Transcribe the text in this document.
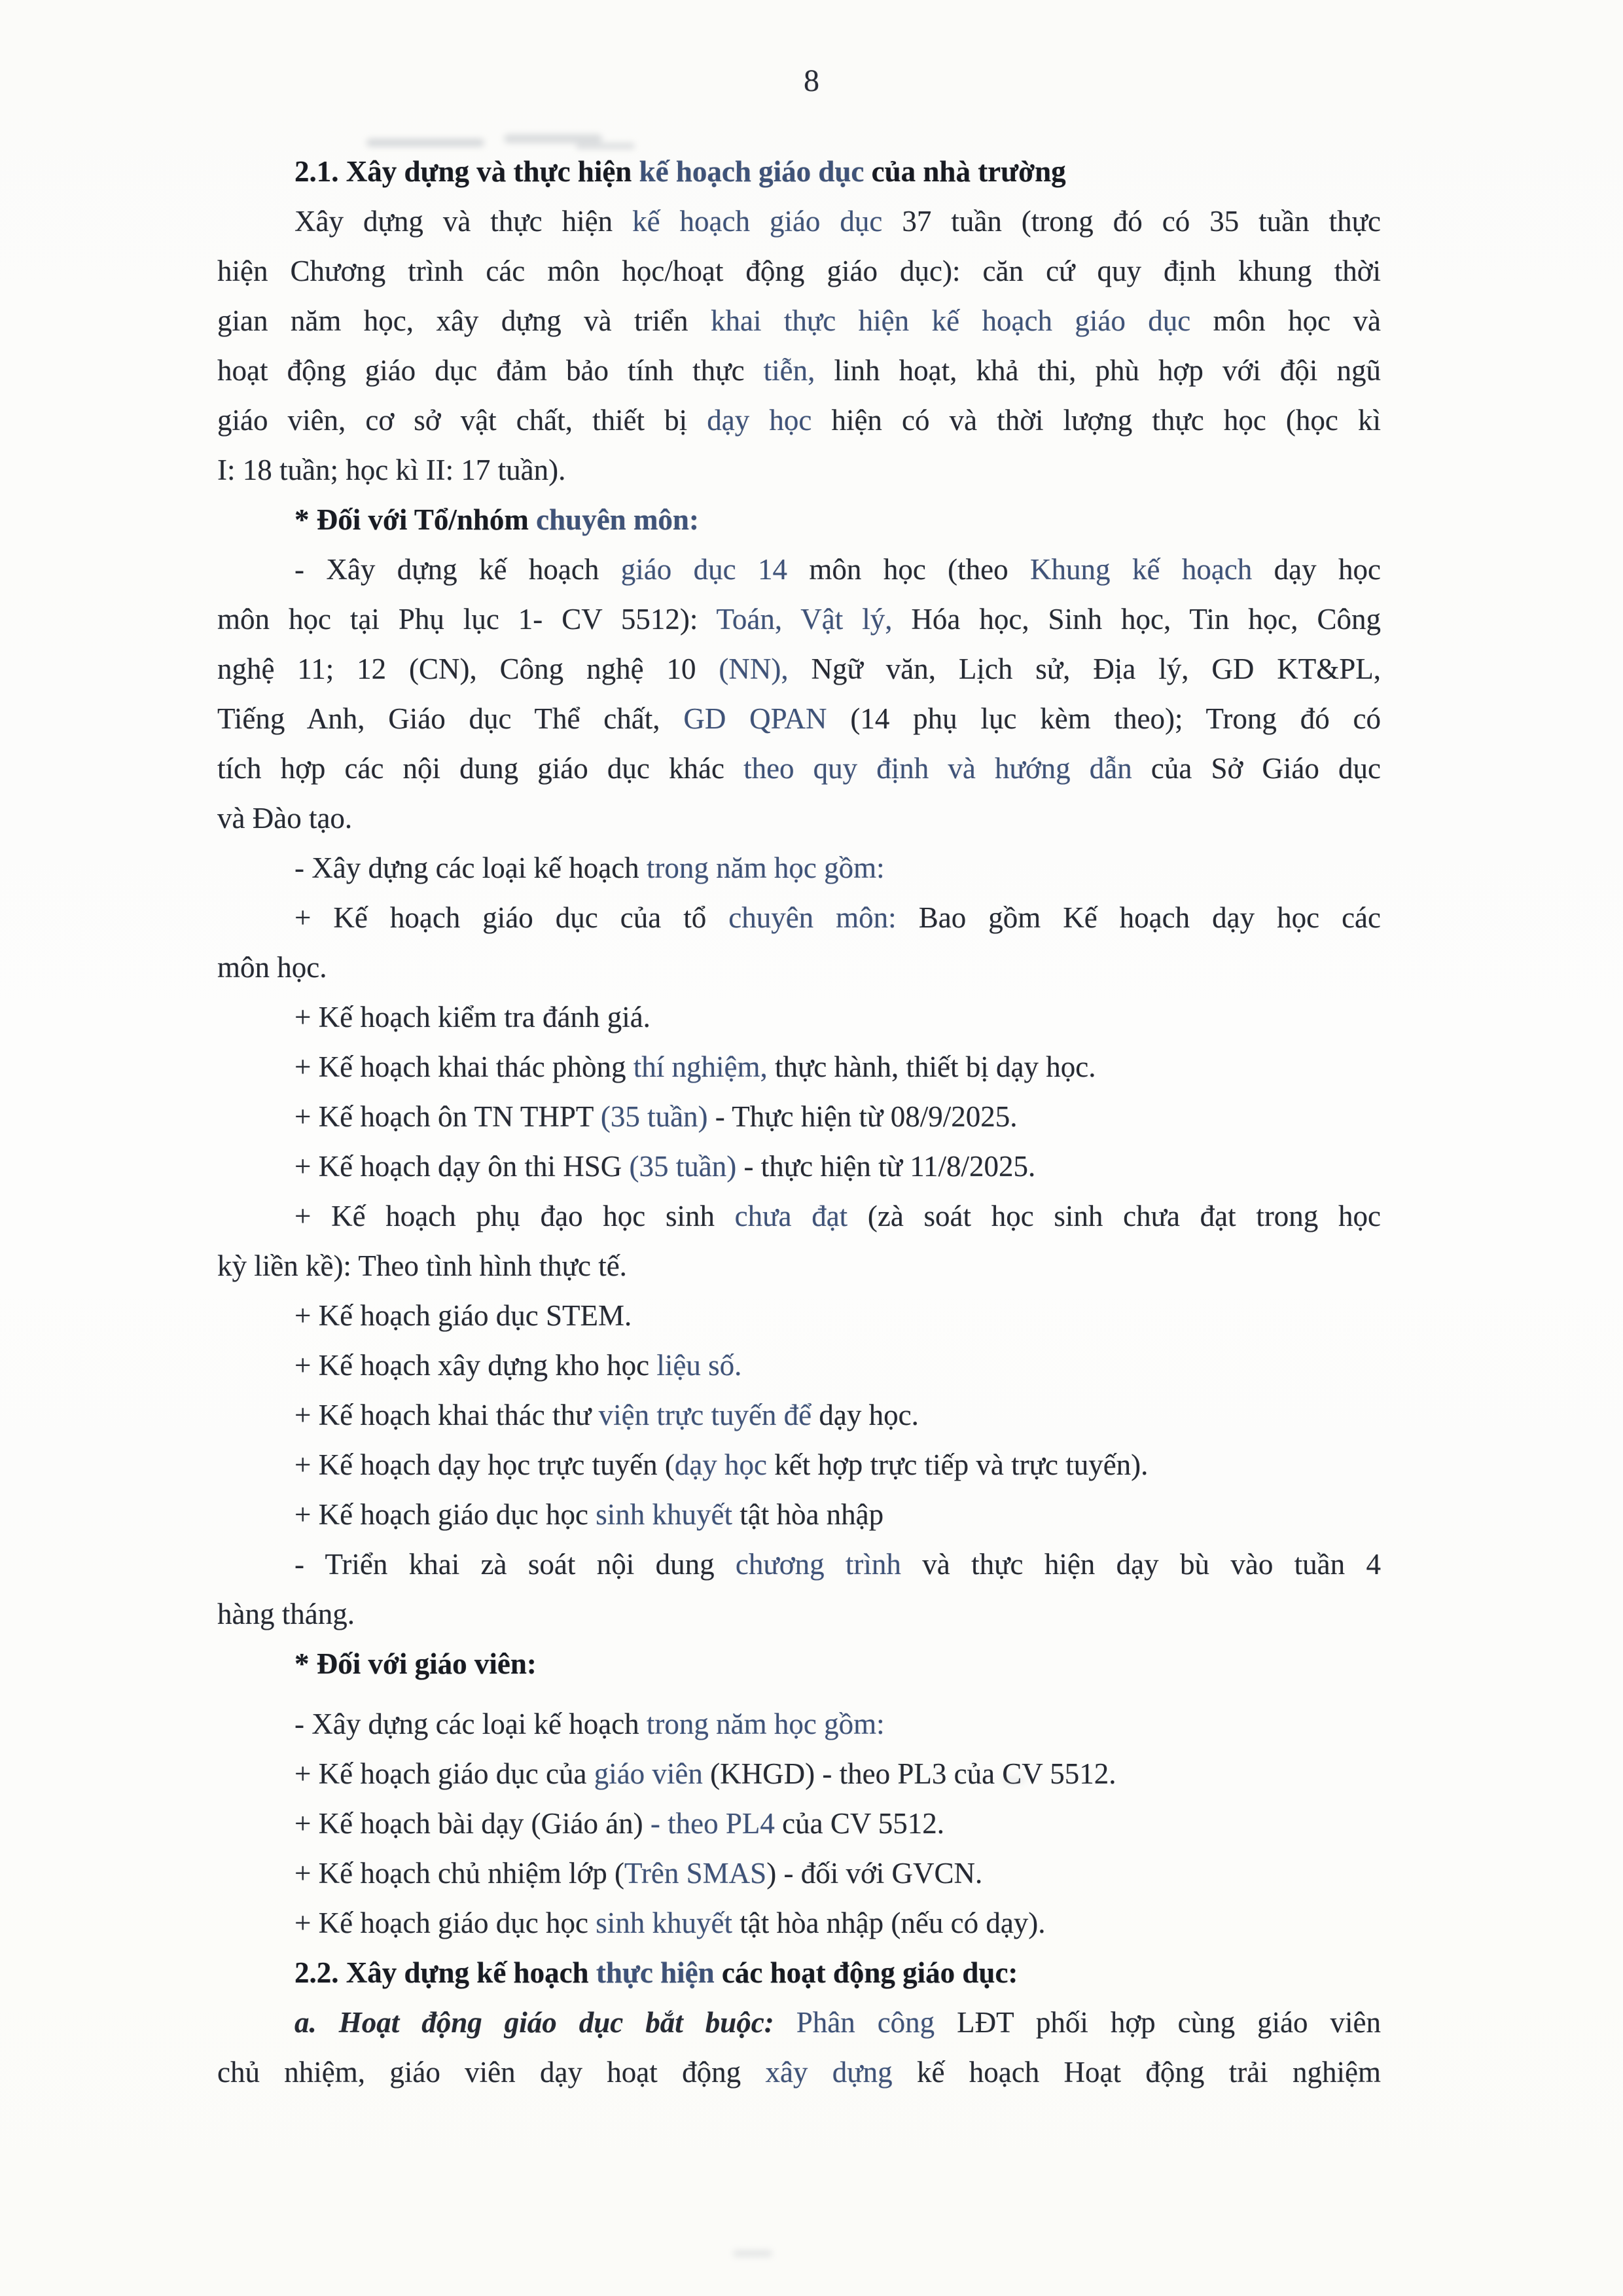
8
2.1. Xây dựng và thực hiện kế hoạch giáo dục của nhà trường
Xây dựng và thực hiện kế hoạch giáo dục 37 tuần (trong đó có 35 tuần thực
hiện Chương trình các môn học/hoạt động giáo dục): căn cứ quy định khung thời
gian năm học, xây dựng và triển khai thực hiện kế hoạch giáo dục môn học và
hoạt động giáo dục đảm bảo tính thực tiễn, linh hoạt, khả thi, phù hợp với đội ngũ
giáo viên, cơ sở vật chất, thiết bị dạy học hiện có và thời lượng thực học (học kì
I: 18 tuần; học kì II: 17 tuần).
* Đối với Tổ/nhóm chuyên môn:
- Xây dựng kế hoạch giáo dục 14 môn học (theo Khung kế hoạch dạy học
môn học tại Phụ lục 1- CV 5512): Toán, Vật lý, Hóa học, Sinh học, Tin học, Công
nghệ 11; 12 (CN), Công nghệ 10 (NN), Ngữ văn, Lịch sử, Địa lý, GD KT&PL,
Tiếng Anh, Giáo dục Thể chất, GD QPAN (14 phụ lục kèm theo); Trong đó có
tích hợp các nội dung giáo dục khác theo quy định và hướng dẫn của Sở Giáo dục
và Đào tạo.
- Xây dựng các loại kế hoạch trong năm học gồm:
+ Kế hoạch giáo dục của tổ chuyên môn: Bao gồm Kế hoạch dạy học các
môn học.
+ Kế hoạch kiểm tra đánh giá.
+ Kế hoạch khai thác phòng thí nghiệm, thực hành, thiết bị dạy học.
+ Kế hoạch ôn TN THPT (35 tuần) - Thực hiện từ 08/9/2025.
+ Kế hoạch dạy ôn thi HSG (35 tuần) - thực hiện từ 11/8/2025.
+ Kế hoạch phụ đạo học sinh chưa đạt (zà soát học sinh chưa đạt trong học
kỳ liền kề): Theo tình hình thực tế.
+ Kế hoạch giáo dục STEM.
+ Kế hoạch xây dựng kho học liệu số.
+ Kế hoạch khai thác thư viện trực tuyến để dạy học.
+ Kế hoạch dạy học trực tuyến (dạy học kết hợp trực tiếp và trực tuyến).
+ Kế hoạch giáo dục học sinh khuyết tật hòa nhập
- Triển khai zà soát nội dung chương trình và thực hiện dạy bù vào tuần 4
hàng tháng.
* Đối với giáo viên:
- Xây dựng các loại kế hoạch trong năm học gồm:
+ Kế hoạch giáo dục của giáo viên (KHGD) - theo PL3 của CV 5512.
+ Kế hoạch bài dạy (Giáo án) - theo PL4 của CV 5512.
+ Kế hoạch chủ nhiệm lớp (Trên SMAS) - đối với GVCN.
+ Kế hoạch giáo dục học sinh khuyết tật hòa nhập (nếu có dạy).
2.2. Xây dựng kế hoạch thực hiện các hoạt động giáo dục:
a. Hoạt động giáo dục bắt buộc: Phân công LĐT phối hợp cùng giáo viên
chủ nhiệm, giáo viên dạy hoạt động xây dựng kế hoạch Hoạt động trải nghiệm
